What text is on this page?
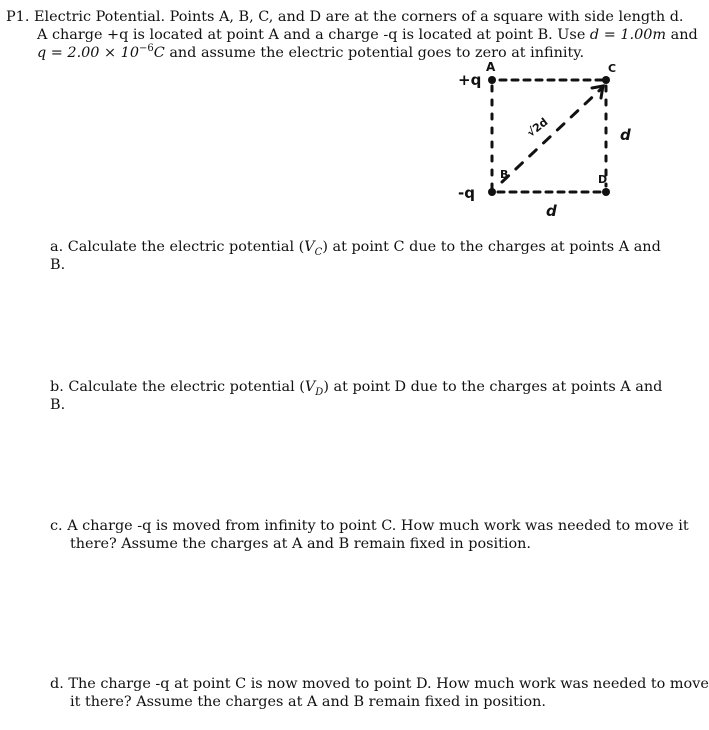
P1. Electric Potential. Points A, B, C, and D are at the corners of a square with side length d.
A charge +q is located at point A and a charge -q is located at point B. Use d = 1.00m and
$q = 2.00 \times 10^{-6}C$ and assume the electric potential goes to zero at infinity.
+q
-q
A
B
C
D
d
d
√2d
a. Calculate the electric potential $(V_C)$ at point C due to the charges at points A and B.
b. Calculate the electric potential $(V_D)$ at point D due to the charges at points A and B.
c. A charge -q is moved from infinity to point C. How much work was needed to move it
there? Assume the charges at A and B remain fixed in position.
d. The charge -q at point C is now moved to point D. How much work was needed to move
it there? Assume the charges at A and B remain fixed in position.
